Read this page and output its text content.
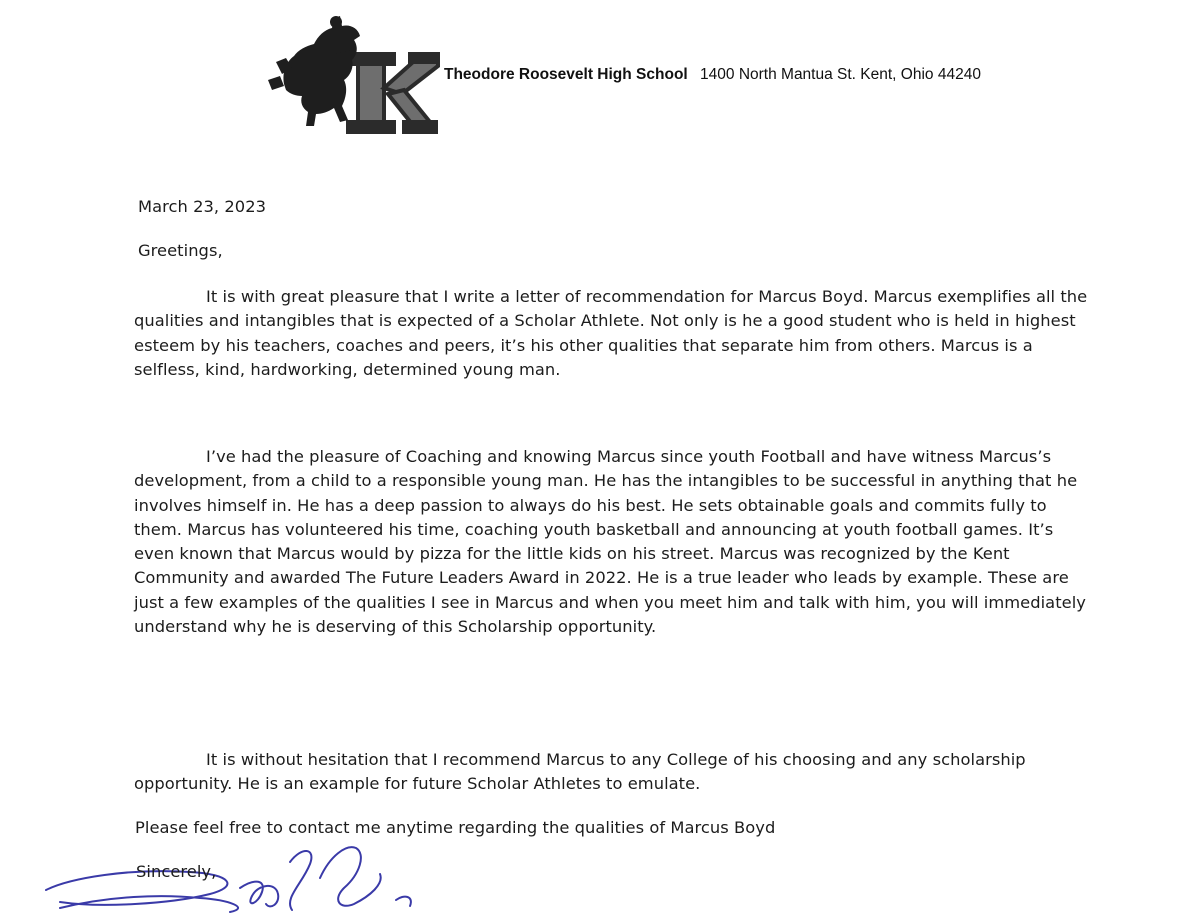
Theodore Roosevelt High School 1400 North Mantua St. Kent, Ohio 44240
March 23, 2023
Greetings,

It is with great pleasure that I write a letter of recommendation for Marcus Boyd. Marcus exemplifies all the qualities and intangibles that is expected of a Scholar Athlete. Not only is he a good student who is held in highest esteem by his teachers, coaches and peers, it’s his other qualities that separate him from others. Marcus is a selfless, kind, hardworking, determined young man.

I’ve had the pleasure of Coaching and knowing Marcus since youth Football and have witness Marcus’s development, from a child to a responsible young man. He has the intangibles to be successful in anything that he involves himself in. He has a deep passion to always do his best. He sets obtainable goals and commits fully to them. Marcus has volunteered his time, coaching youth basketball and announcing at youth football games. It’s even known that Marcus would by pizza for the little kids on his street. Marcus was recognized by the Kent Community and awarded The Future Leaders Award in 2022. He is a true leader who leads by example. These are just a few examples of the qualities I see in Marcus and when you meet him and talk with him, you will immediately understand why he is deserving of this Scholarship opportunity.

It is without hesitation that I recommend Marcus to any College of his choosing and any scholarship opportunity. He is an example for future Scholar Athletes to emulate.

Please feel free to contact me anytime regarding the qualities of Marcus Boyd
Sincerely,
